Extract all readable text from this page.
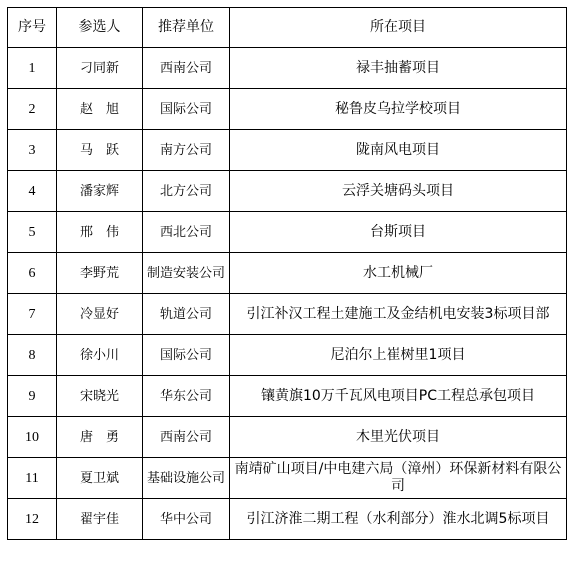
序号	参选人	推荐单位	所在项目
1	刁同新	西南公司	禄丰抽蓄项目
2	赵　旭	国际公司	秘鲁皮乌拉学校项目
3	马　跃	南方公司	陇南风电项目
4	潘家辉	北方公司	云浮关塘码头项目
5	邢　伟	西北公司	台斯项目
6	李野荒	制造安装公司	水工机械厂
7	冷显好	轨道公司	引江补汉工程土建施工及金结机电安装3标项目部
8	徐小川	国际公司	尼泊尔上崔树里1项目
9	宋晓光	华东公司	镶黄旗10万千瓦风电项目PC工程总承包项目
10	唐　勇	西南公司	木里光伏项目
11	夏卫斌	基础设施公司	南靖矿山项目/中电建六局（漳州）环保新材料有限公司
12	翟宇佳	华中公司	引江济淮二期工程（水利部分）淮水北调5标项目
